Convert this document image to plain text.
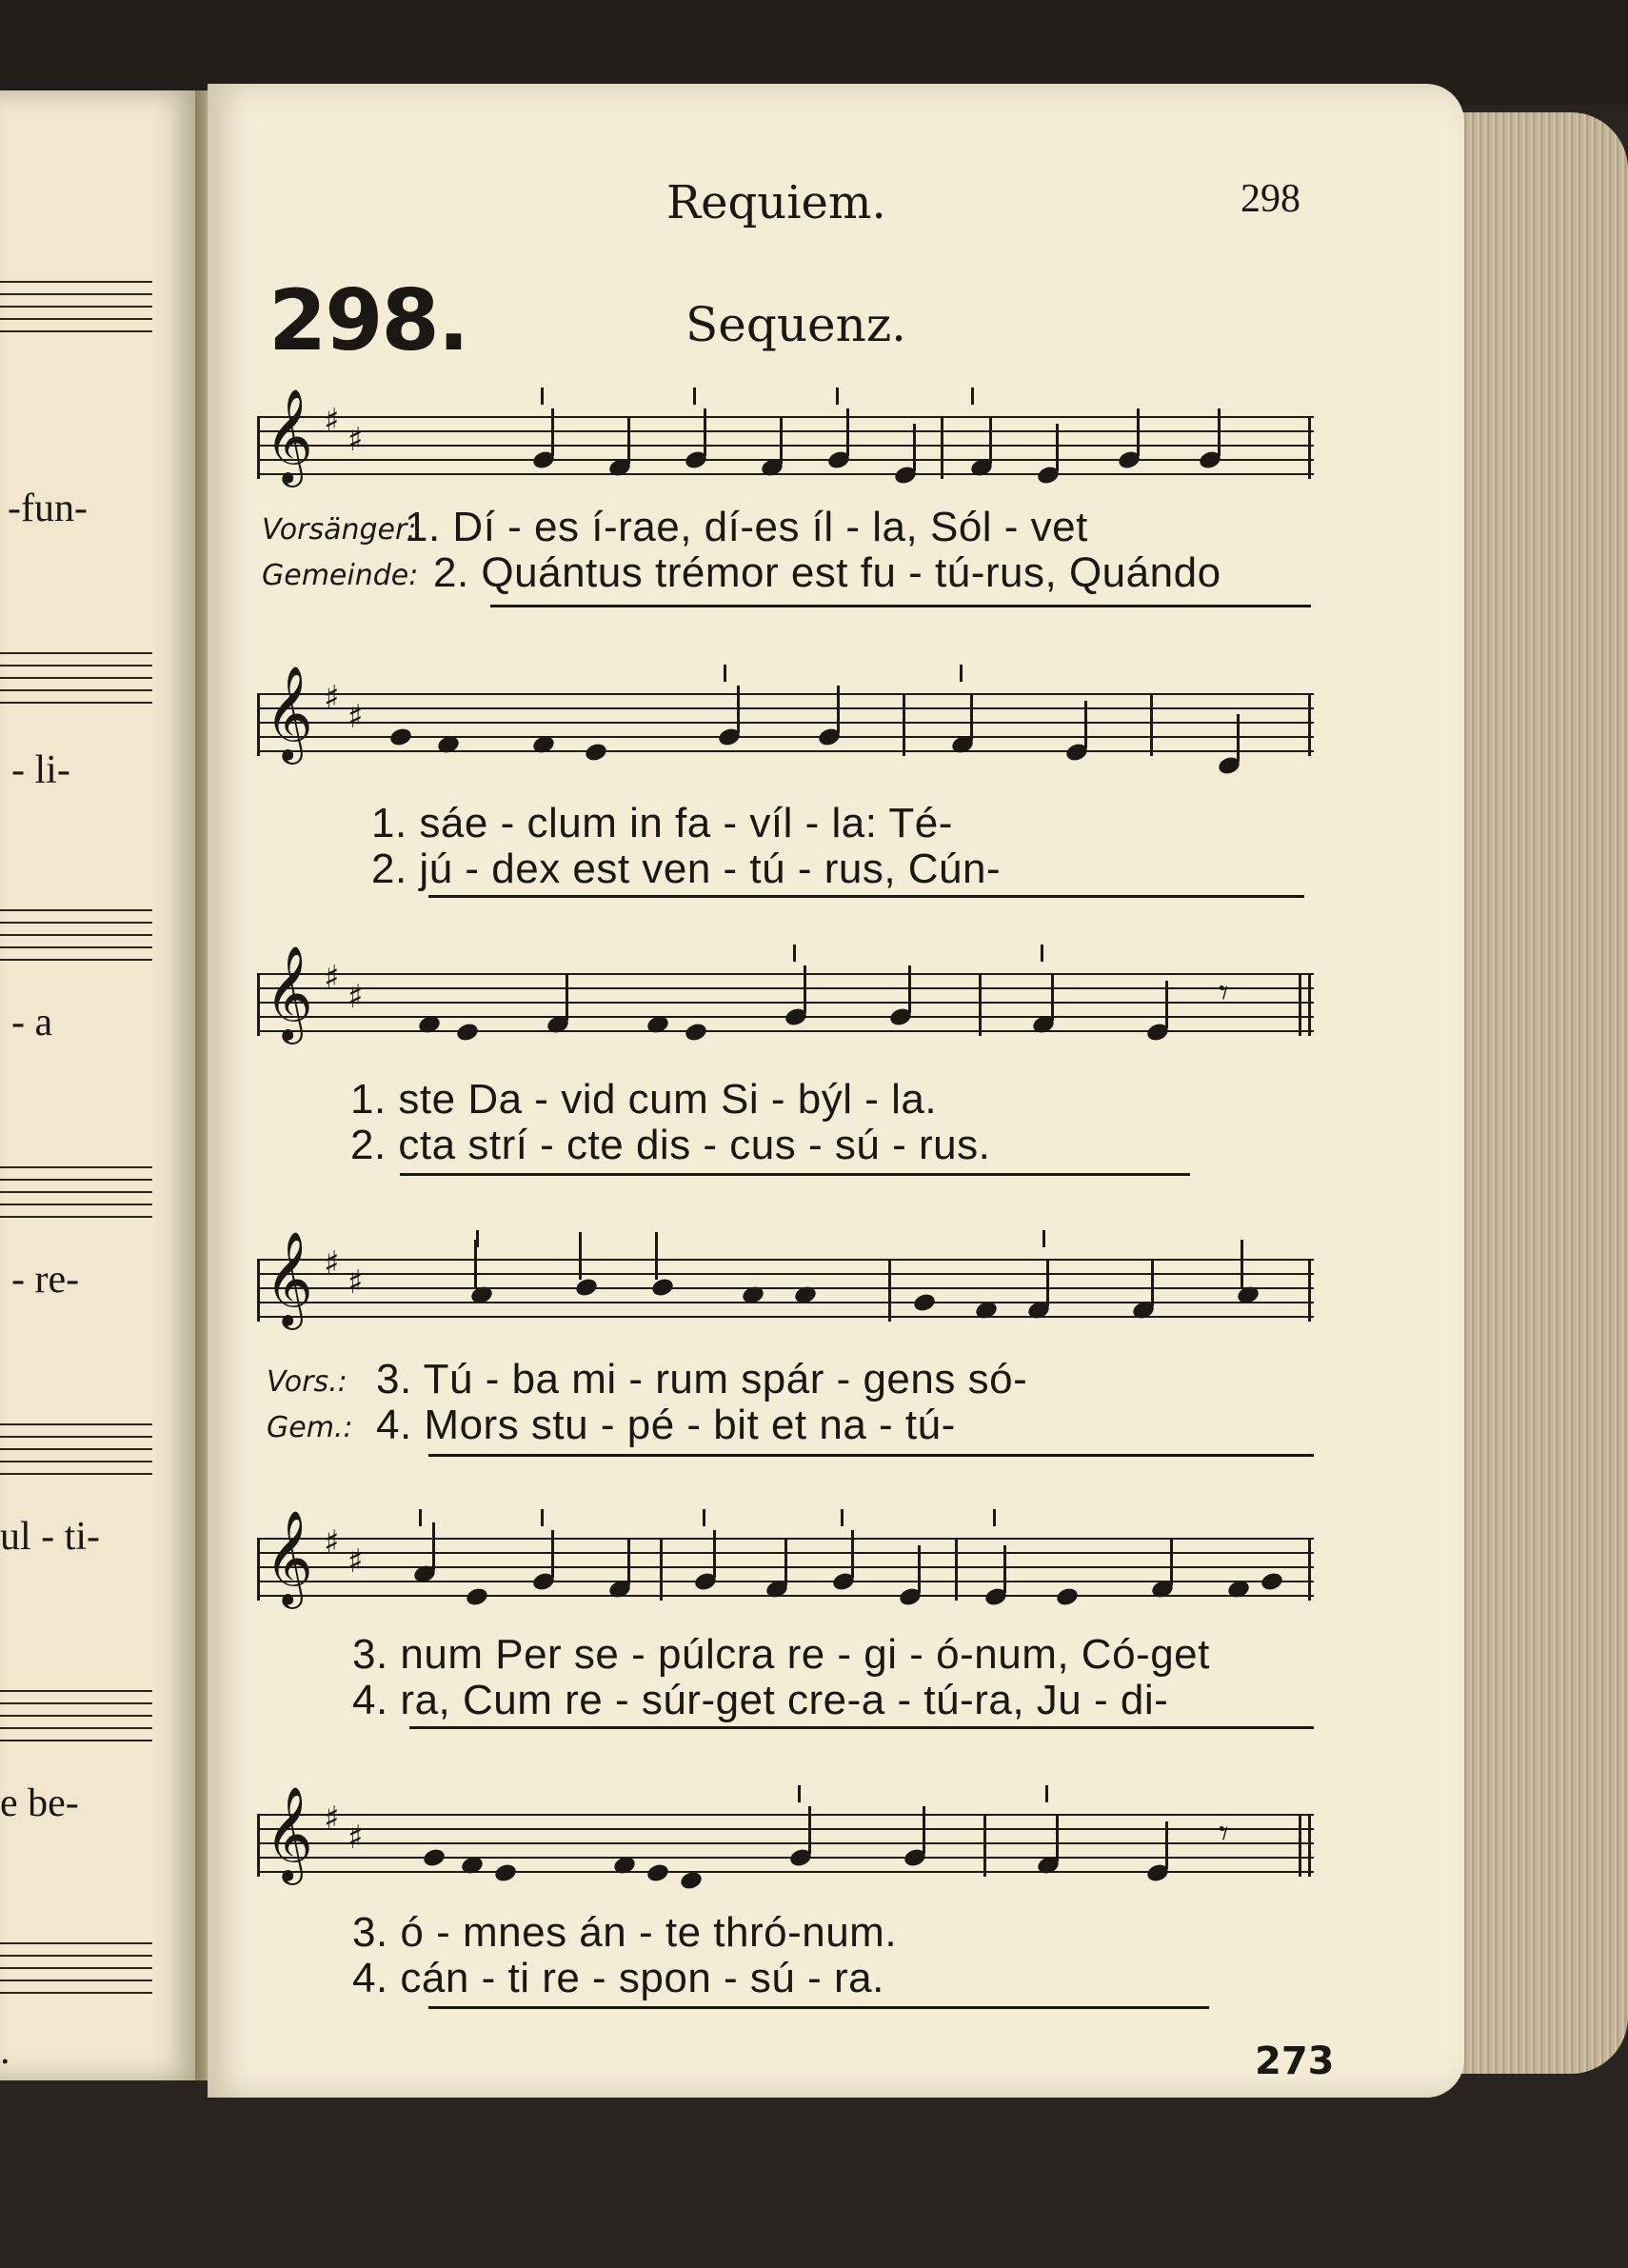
-fun-
- li-
- a
- re-
ul - ti-
e be-
.
Requiem.	298
298.	Sequenz.
𝄞 ♯ ♯
Vorsänger:
1. Dí - es í-rae, dí-es íl - la, Sól - vet
Gemeinde: 2. Quántus trémor est fu - tú-rus, Quándo
𝄞 ♯ ♯
1. sáe - clum in fa - víl - la: Té-
2. jú - dex est ven - tú - rus, Cún-
𝄞 ♯ ♯	𝄾
1. ste Da - vid cum Si - býl - la.
2. cta strí - cte dis - cus - sú - rus.
𝄞 ♯ ♯
Vors.: 3. Tú - ba mi - rum spár - gens só-
Gem.: 4. Mors stu - pé - bit et na - tú-
𝄞 ♯ ♯
3. num Per se - púlcra re - gi - ó-num, Có-get
4. ra, Cum re - súr-get cre-a - tú-ra, Ju - di-
𝄞 ♯ ♯	𝄾
3. ó - mnes án - te thró-num.
4. cán - ti re - spon - sú - ra.
273
